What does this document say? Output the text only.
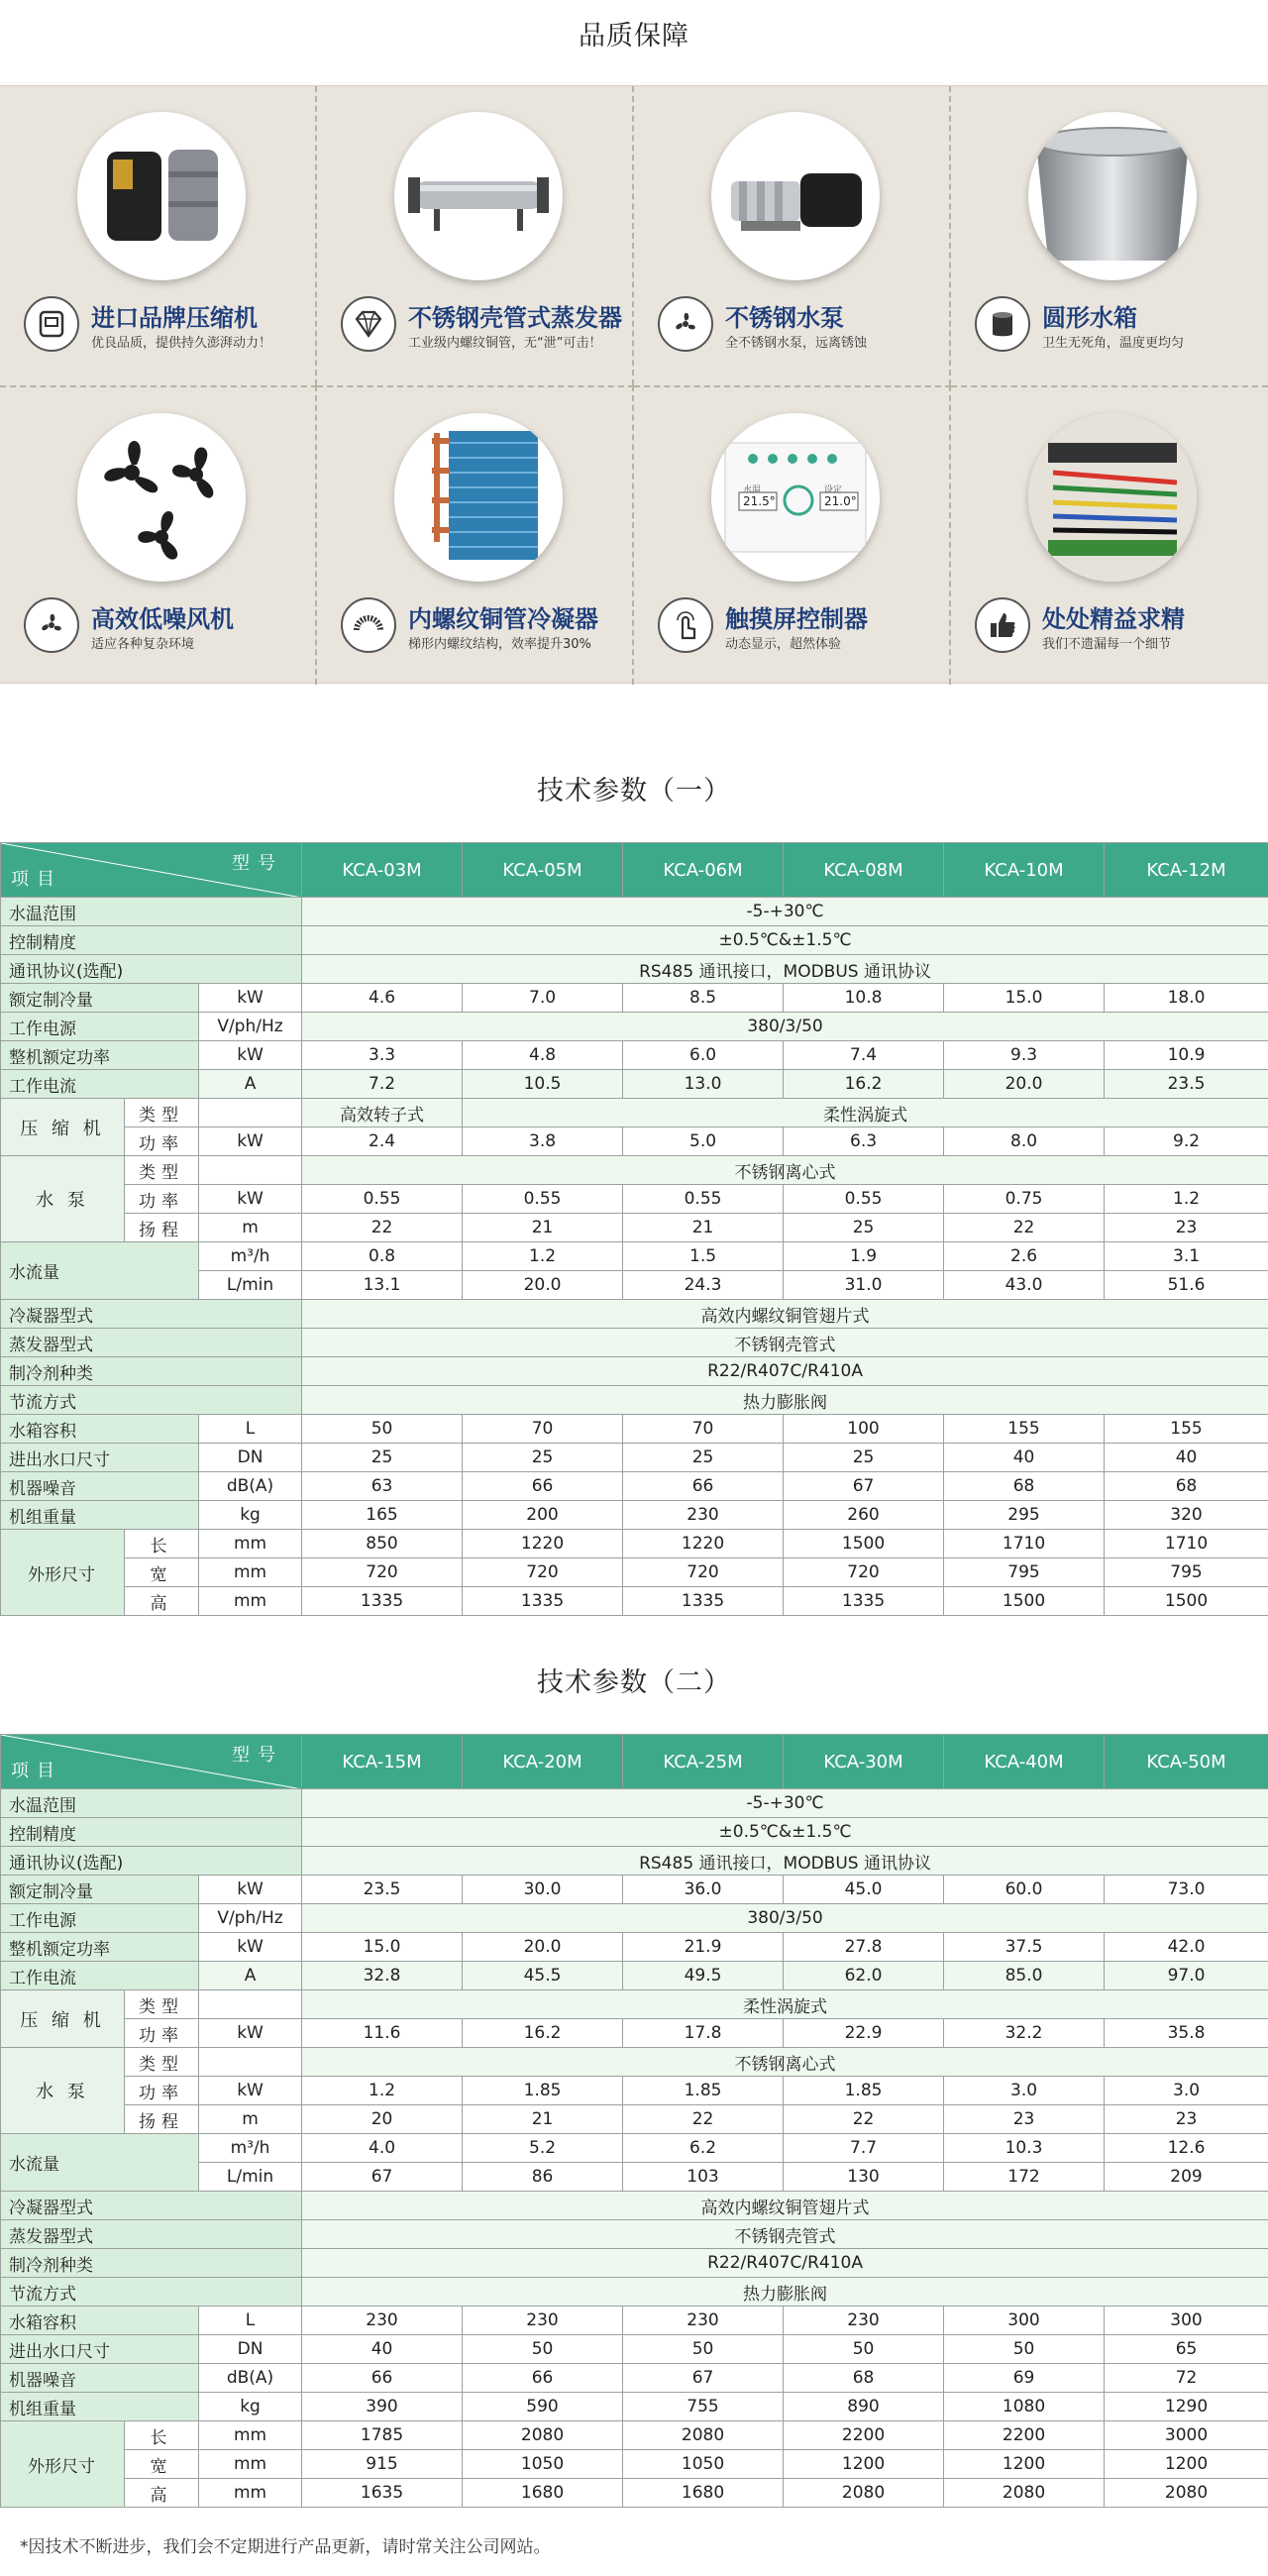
品质保障
进口品牌压缩机
优良品质，提供持久澎湃动力！
不锈钢壳管式蒸发器
工业级内螺纹铜管，无“泄”可击！
不锈钢水泵
全不锈钢水泵，远离锈蚀
圆形水箱
卫生无死角，温度更均匀
高效低噪风机
适应各种复杂环境
内螺纹铜管冷凝器
梯形内螺纹结构，效率提升30%
水温
21.5°
设定
21.0°
触摸屏控制器
动态显示，超然体验
处处精益求精
我们不遗漏每一个细节
技术参数（一）
型号
项目			KCA-03M	KCA-05M	KCA-06M	KCA-08M	KCA-10M	KCA-12M
水温范围			-5-+30℃					
控制精度			±0.5℃&±1.5℃					
通讯协议(选配)			RS485 通讯接口，MODBUS 通讯协议					
额定制冷量		kW	4.6	7.0	8.5	10.8	15.0	18.0
工作电源		V/ph/Hz	380/3/50					
整机额定功率		kW	3.3	4.8	6.0	7.4	9.3	10.9
工作电流		A	7.2	10.5	13.0	16.2	20.0	23.5
压 缩 机	类型		高效转子式	柔性涡旋式				
	功率	kW	2.4	3.8	5.0	6.3	8.0	9.2
水 泵	类型		不锈钢离心式					
	功率	kW	0.55	0.55	0.55	0.55	0.75	1.2
	扬程	m	22	21	21	25	22	23
水流量		m³/h	0.8	1.2	1.5	1.9	2.6	3.1
		L/min	13.1	20.0	24.3	31.0	43.0	51.6
冷凝器型式			高效内螺纹铜管翅片式					
蒸发器型式			不锈钢壳管式					
制冷剂种类			R22/R407C/R410A					
节流方式			热力膨胀阀					
水箱容积		L	50	70	70	100	155	155
进出水口尺寸		DN	25	25	25	25	40	40
机器噪音		dB(A)	63	66	66	67	68	68
机组重量		kg	165	200	230	260	295	320
外形尺寸	长	mm	850	1220	1220	1500	1710	1710
	宽	mm	720	720	720	720	795	795
	高	mm	1335	1335	1335	1335	1500	1500
技术参数（二）
型号
项目			KCA-15M	KCA-20M	KCA-25M	KCA-30M	KCA-40M	KCA-50M
水温范围			-5-+30℃					
控制精度			±0.5℃&±1.5℃					
通讯协议(选配)			RS485 通讯接口，MODBUS 通讯协议					
额定制冷量		kW	23.5	30.0	36.0	45.0	60.0	73.0
工作电源		V/ph/Hz	380/3/50					
整机额定功率		kW	15.0	20.0	21.9	27.8	37.5	42.0
工作电流		A	32.8	45.5	49.5	62.0	85.0	97.0
压 缩 机	类型		柔性涡旋式					
	功率	kW	11.6	16.2	17.8	22.9	32.2	35.8
水 泵	类型		不锈钢离心式					
	功率	kW	1.2	1.85	1.85	1.85	3.0	3.0
	扬程	m	20	21	22	22	23	23
水流量		m³/h	4.0	5.2	6.2	7.7	10.3	12.6
		L/min	67	86	103	130	172	209
冷凝器型式			高效内螺纹铜管翅片式					
蒸发器型式			不锈钢壳管式					
制冷剂种类			R22/R407C/R410A					
节流方式			热力膨胀阀					
水箱容积		L	230	230	230	230	300	300
进出水口尺寸		DN	40	50	50	50	50	65
机器噪音		dB(A)	66	66	67	68	69	72
机组重量		kg	390	590	755	890	1080	1290
外形尺寸	长	mm	1785	2080	2080	2200	2200	3000
	宽	mm	915	1050	1050	1200	1200	1200
	高	mm	1635	1680	1680	2080	2080	2080
*因技术不断进步，我们会不定期进行产品更新，请时常关注公司网站。
